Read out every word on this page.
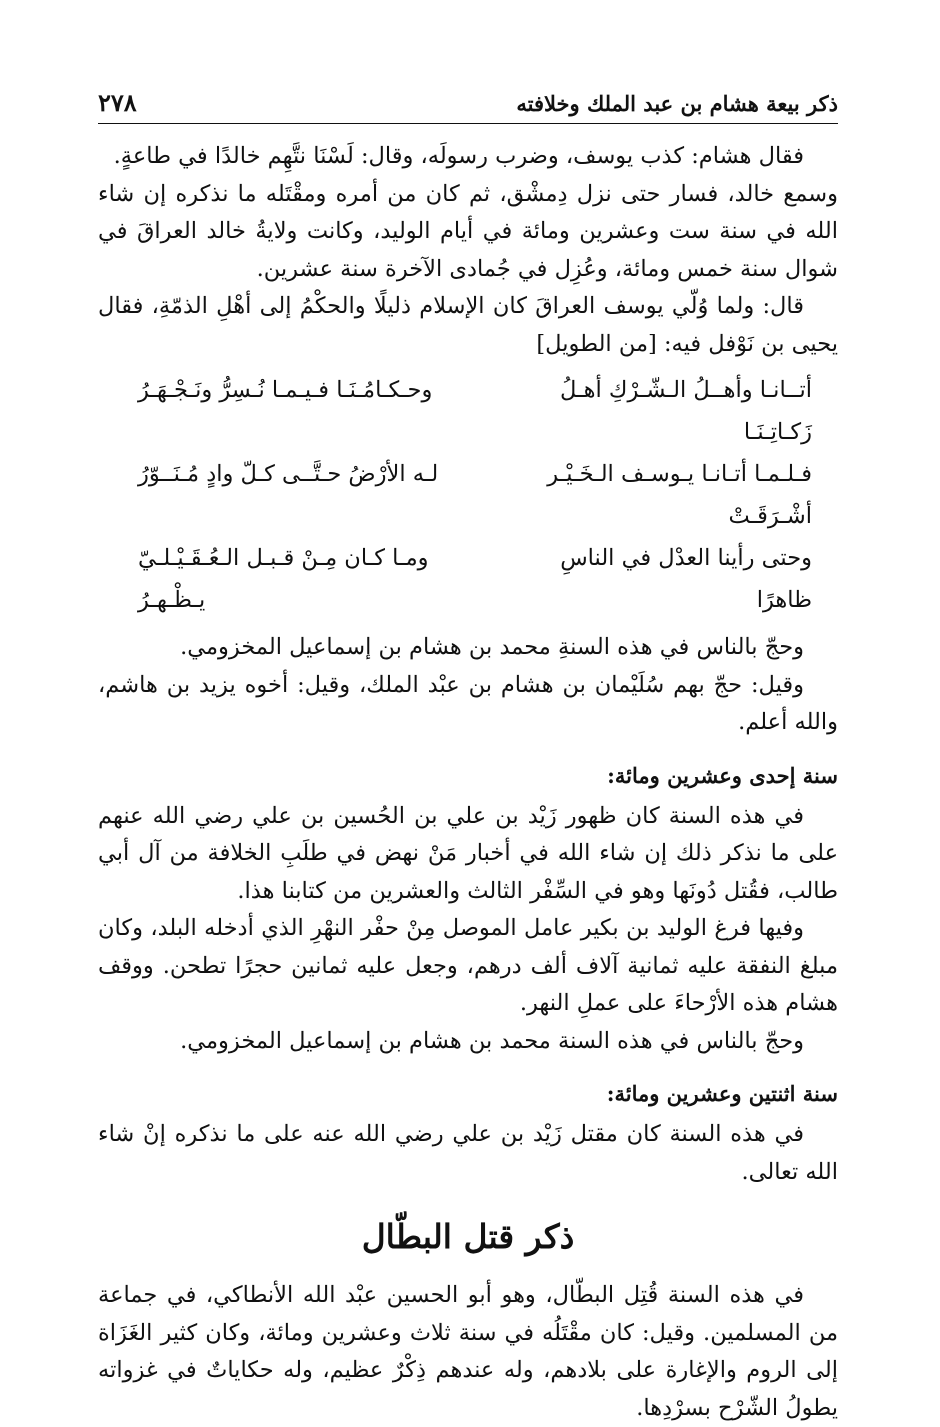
ذكر بيعة هشام بن عبد الملك وخلافته
٢٧٨

فقال هشام: كذب يوسف، وضرب رسولَه، وقال: لَسْنَا نتَّهِم خالدًا في طاعةٍ.

وسمع خالد، فسار حتى نزل دِمشْق، ثم كان من أمره ومقْتَله ما نذكره إن شاء الله في سنة ست وعشرين ومائة في أيام الوليد، وكانت ولايةُ خالد العراقَ في شوال سنة خمس ومائة، وعُزِل في جُمادى الآخرة سنة عشرين.

قال: ولما وُلّي يوسف العراقَ كان الإسلام ذليلًا والحكْمُ إلى أهْلِ الذمّةِ، فقال يحيى بن نَوْفل فيه: [من الطويل]

أتــانـا وأهــلُ الـشّـرْكِ أهـلُ زَكـاتِـنَـا
وحـكـامُـنَـا فـيـمـا نُـسِرُّ ونَـجْـهَـرُ
فـلـمـا أتـانـا يـوسـف الـخَـيْـر أشْـرَقَـتْ
لـه الأرْضُ حـتَّــى كـلّ وادٍ مُـنَــوّرُ
وحتى رأينا العدْل في الناسِ ظاهرًا
ومـا كـان مِـنْ قـبـل الـعُـقَـيْـلـيّ يـظْـهـرُ

وحجّ بالناس في هذه السنةِ محمد بن هشام بن إسماعيل المخزومي.

وقيل: حجّ بهم سُلَيْمان بن هشام بن عبْد الملك، وقيل: أخوه يزيد بن هاشم، والله أعلم.

سنة إحدى وعشرين ومائة:

في هذه السنة كان ظهور زَيْد بن علي بن الحُسين بن علي رضي الله عنهم على ما نذكر ذلك إن شاء الله في أخبار مَنْ نهض في طلَبِ الخلافة من آل أبي طالب، فقُتل دُونَها وهو في السِّفْر الثالث والعشرين من كتابنا هذا.

وفيها فرغ الوليد بن بكير عامل الموصل مِنْ حفْر النهْرِ الذي أدخله البلد، وكان مبلغ النفقة عليه ثمانية آلاف ألف درهم، وجعل عليه ثمانين حجرًا تطحن. ووقف هشام هذه الأرْحاءَ على عملِ النهر.

وحجّ بالناس في هذه السنة محمد بن هشام بن إسماعيل المخزومي.

سنة اثنتين وعشرين ومائة:

في هذه السنة كان مقتل زَيْد بن علي رضي الله عنه على ما نذكره إنْ شاء الله تعالى.

ذكر قتل البطّال

في هذه السنة قُتِل البطّال، وهو أبو الحسين عبْد الله الأنطاكي، في جماعة من المسلمين. وقيل: كان مقْتَلُه في سنة ثلاث وعشرين ومائة، وكان كثير الغَزَاة إلى الروم والإغارة على بلادهم، وله عندهم ذِكْرٌ عظيم، وله حكاياتٌ في غزواته يطولُ الشّرْح بسرْدِها.
